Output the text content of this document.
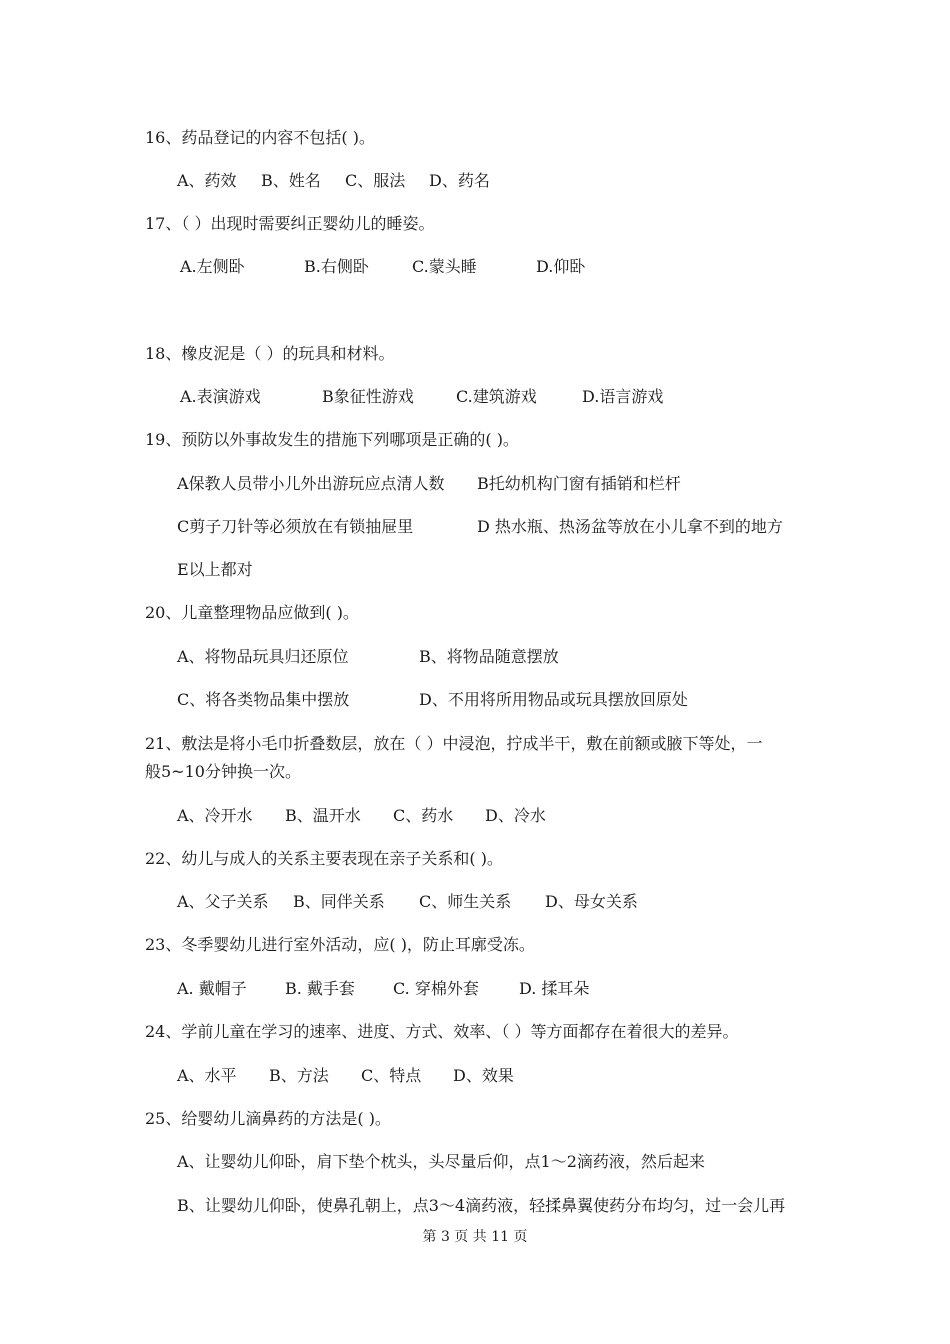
16、药品登记的内容不包括( )。
A、药效 B、姓名 C、服法 D、药名
17、（ ）出现时需要纠正婴幼儿的睡姿。
A.左侧卧	B.右侧卧	C.蒙头睡	D.仰卧
18、橡皮泥是（ ）的玩具和材料。
A.表演游戏	B象征性游戏	C.建筑游戏	D.语言游戏
19、预防以外事故发生的措施下列哪项是正确的( )。
A保教人员带小儿外出游玩应点清人数 B托幼机构门窗有插销和栏杆
C剪子刀针等必须放在有锁抽屉里	D 热水瓶、热汤盆等放在小儿拿不到的地方
E以上都对
20、儿童整理物品应做到( )。
A、将物品玩具归还原位	B、将物品随意摆放
C、将各类物品集中摆放	D、不用将所用物品或玩具摆放回原处
21、敷法是将小毛巾折叠数层，放在（ ）中浸泡，拧成半干，敷在前额或腋下等处，一
般5~10分钟换一次。
A、冷开水 B、温开水 C、药水 D、冷水
22、幼儿与成人的关系主要表现在亲子关系和( )。
A、父子关系 B、同伴关系 C、师生关系 D、母女关系
23、冬季婴幼儿进行室外活动，应( )，防止耳廓受冻。
A. 戴帽子 B. 戴手套 C. 穿棉外套	D. 揉耳朵
24、学前儿童在学习的速率、进度、方式、效率、（ ）等方面都存在着很大的差异。
A、水平 B、方法 C、特点 D、效果
25、给婴幼儿滴鼻药的方法是( )。
A、让婴幼儿仰卧，肩下垫个枕头，头尽量后仰，点1～2滴药液，然后起来
B、让婴幼儿仰卧，使鼻孔朝上，点3～4滴药液，轻揉鼻翼使药分布均匀，过一会儿再
第 3 页 共 11 页
